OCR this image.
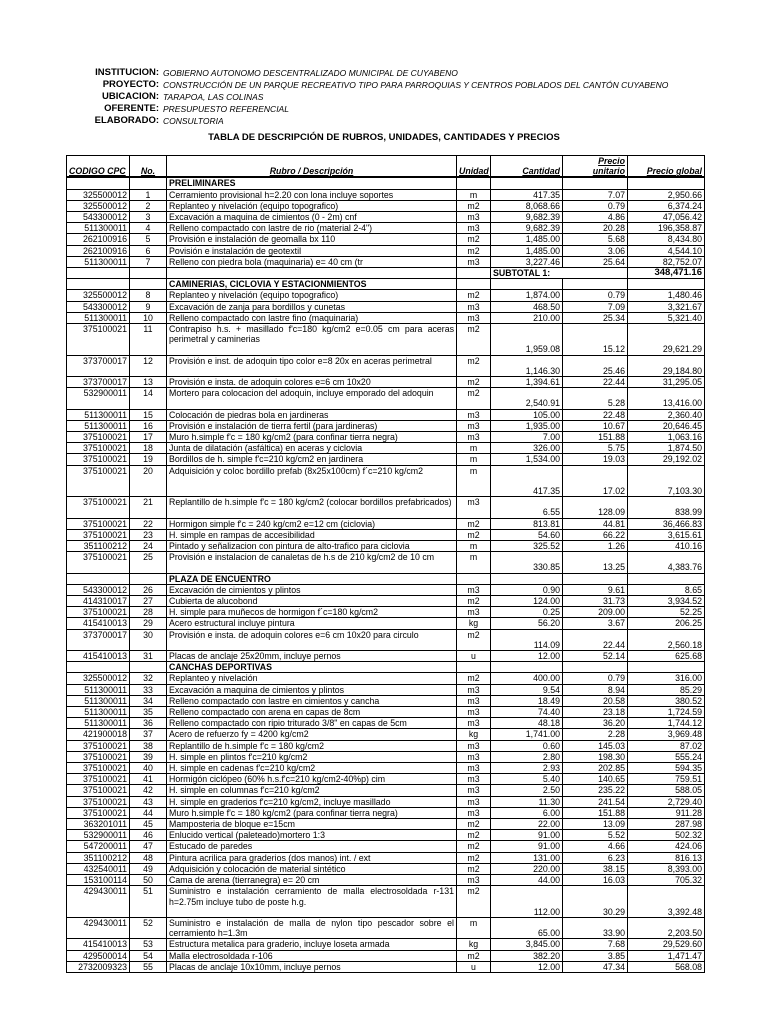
INSTITUCION: GOBIERNO AUTONOMO DESCENTRALIZADO MUNICIPAL DE CUYABENO
PROYECTO: CONSTRUCCIÓN DE UN PARQUE RECREATIVO TIPO PARA PARROQUIAS Y CENTROS POBLADOS DEL CANTÓN CUYABENO
UBICACION: TARAPOA, LAS COLINAS
OFERENTE: PRESUPUESTO REFERENCIAL
ELABORADO: CONSULTORIA
TABLA DE DESCRIPCIÓN DE RUBROS, UNIDADES, CANTIDADES Y PRECIOS
CODIGO CPC	No.	Rubro / Descripción	Unidad	Cantidad	Precio unitario	Precio global
		PRELIMINARES				
325500012	1	Cerramiento provisional h=2.20 con lona incluye soportes	m	417.35	7.07	2,950.66
325500012	2	Replanteo y nivelación (equipo topografico)	m2	8,068.66	0.79	6,374.24
543300012	3	Excavación a maquina de cimientos (0 - 2m) cnf	m3	9,682.39	4.86	47,056.42
511300011	4	Relleno compactado con lastre de rio (material 2-4")	m3	9,682.39	20.28	196,358.87
262100916	5	Provisión e instalación de geomalla bx 110	m2	1,485.00	5.68	8,434.80
262100916	6	Povisión e instalación de geotextil	m2	1,485.00	3.06	4,544.10
511300011	7	Relleno con piedra bola (maquinaria) e= 40 cm (tr	m3	3,227.46	25.64	82,752.07
				SUBTOTAL 1:		348,471.16
		CAMINERIAS, CICLOVIA Y ESTACIONMIENTOS				
325500012	8	Replanteo y nivelación (equipo topografico)	m2	1,874.00	0.79	1,480.46
543300012	9	Excavación de zanja para bordillos y cunetas	m3	468.50	7.09	3,321.67
511300011	10	Relleno compactado con lastre fino (maquinaria)	m3	210.00	25.34	5,321.40
375100021	11	Contrapiso h.s. + masillado f'c=180 kg/cm2 e=0.05 cm para aceras perimetral y caminerias	m2	1,959.08	15.12	29,621.29
373700017	12	Provisión e inst. de adoquin tipo color e=8 20x en aceras perimetral	m2	1,146.30	25.46	29,184.80
373700017	13	Provisión e insta. de adoquin colores e=6 cm 10x20	m2	1,394.61	22.44	31,295.05
532900011	14	Mortero para colocacion del adoquin, incluye emporado del adoquin	m2	2,540.91	5.28	13,416.00
511300011	15	Colocación de piedras bola en jardineras	m3	105.00	22.48	2,360.40
511300011	16	Provisión e instalación de tierra fertil (para jardineras)	m3	1,935.00	10.67	20,646.45
375100021	17	Muro h.simple f'c = 180 kg/cm2 (para confinar tierra negra)	m3	7.00	151.88	1,063.16
375100021	18	Junta de dilatación (asfáltica) en aceras y ciclovia	m	326.00	5.75	1,874.50
375100021	19	Bordillos de h. simple f'c=210 kg/cm2 en jardinera	m	1,534.00	19.03	29,192.02
375100021	20	Adquisición y coloc bordillo prefab (8x25x100cm) f´c=210 kg/cm2	m	417.35	17.02	7,103.30
375100021	21	Replantillo de h.simple f'c = 180 kg/cm2 (colocar bordillos prefabricados)	m3	6.55	128.09	838.99
375100021	22	Hormigon simple f'c = 240 kg/cm2 e=12 cm (ciclovia)	m2	813.81	44.81	36,466.83
375100021	23	H. simple en rampas de accesibilidad	m2	54.60	66.22	3,615.61
351100212	24	Pintado y señalizacion con pintura de alto-trafico para ciclovia	m	325.52	1.26	410.16
375100021	25	Provisión e instalacion de canaletas de h.s de 210 kg/cm2 de 10 cm	m	330.85	13.25	4,383.76
		PLAZA DE ENCUENTRO				
543300012	26	Excavación de cimientos y plintos	m3	0.90	9.61	8.65
414310017	27	Cubierta de alucobond	m2	124.00	31.73	3,934.52
375100021	28	H. simple para muñecos de hormigon f´c=180 kg/cm2	m3	0.25	209.00	52.25
415410013	29	Acero estructural incluye pintura	kg	56.20	3.67	206.25
373700017	30	Provisión e insta. de adoquin colores e=6 cm 10x20 para circulo	m2	114.09	22.44	2,560.18
415410013	31	Placas de anclaje 25x20mm, incluye pernos	u	12.00	52.14	625.68
		CANCHAS DEPORTIVAS				
325500012	32	Replanteo y nivelación	m2	400.00	0.79	316.00
511300011	33	Excavación a maquina de cimientos y plintos	m3	9.54	8.94	85.29
511300011	34	Relleno compactado con lastre en cimientos y cancha	m3	18.49	20.58	380.52
511300011	35	Relleno compactado con arena en capas de 8cm	m3	74.40	23.18	1,724.59
511300011	36	Relleno compactado con ripio triturado 3/8" en capas de 5cm	m3	48.18	36.20	1,744.12
421900018	37	Acero de refuerzo fy = 4200 kg/cm2	kg	1,741.00	2.28	3,969.48
375100021	38	Replantillo de h.simple f'c = 180 kg/cm2	m3	0.60	145.03	87.02
375100021	39	H. simple en plintos f'c=210 kg/cm2	m3	2.80	198.30	555.24
375100021	40	H. simple en cadenas f'c=210 kg/cm2	m3	2.93	202.85	594.35
375100021	41	Hormigón ciclópeo (60% h.s.f'c=210 kg/cm2-40%p) cim	m3	5.40	140.65	759.51
375100021	42	H. simple en columnas f'c=210 kg/cm2	m3	2.50	235.22	588.05
375100021	43	H. simple en graderios f'c=210 kg/cm2, incluye masillado	m3	11.30	241.54	2,729.40
375100021	44	Muro h.simple f'c = 180 kg/cm2 (para confinar tierra negra)	m3	6.00	151.88	911.28
363201011	45	Mamposteria de bloque e=15cm	m2	22.00	13.09	287.98
532900011	46	Enlucido vertical (paleteado)mortero 1:3	m2	91.00	5.52	502.32
547200011	47	Estucado de paredes	m2	91.00	4.66	424.06
351100212	48	Pintura acrilica para graderios (dos manos) int. / ext	m2	131.00	6.23	816.13
432540011	49	Adquisición y colocación de material sintético	m2	220.00	38.15	8,393.00
153100114	50	Cama de arena (tierranegra) e= 20 cm	m3	44.00	16.03	705.32
429430011	51	Suministro e instalación cerramiento de malla electrosoldada r-131 h=2.75m incluye tubo de poste h.g.	m2	112.00	30.29	3,392.48
429430011	52	Suministro e instalación de malla de nylon tipo pescador sobre el cerramiento h=1.3m	m	65.00	33.90	2,203.50
415410013	53	Estructura metalica para graderio, incluye loseta armada	kg	3,845.00	7.68	29,529.60
429500014	54	Malla electrosoldada r-106	m2	382.20	3.85	1,471.47
2732009323	55	Placas de anclaje 10x10mm, incluye pernos	u	12.00	47.34	568.08
